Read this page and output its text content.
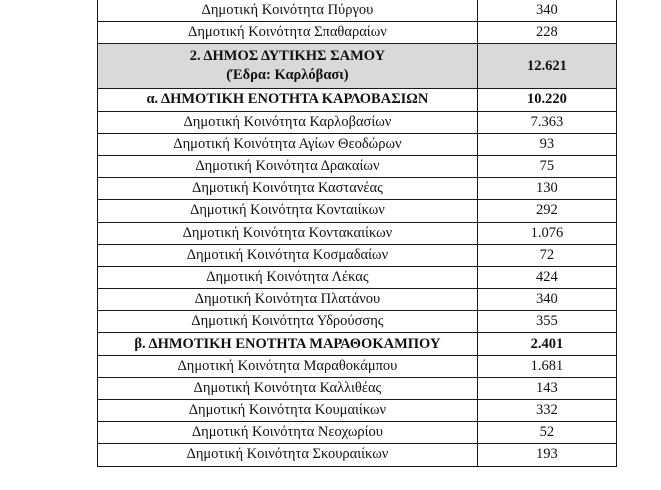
Δημοτική Κοινότητα Πύργου	340
Δημοτική Κοινότητα Σπαθαραίων	228

2. ΔΗΜΟΣ ΔΥΤΙΚΗΣ ΣΑΜΟΥ
(Έδρα: Καρλόβασι)	12.621
α. ΔΗΜΟΤΙΚΗ ΕΝΟΤΗΤΑ ΚΑΡΛΟΒΑΣΙΩΝ	10.220
Δημοτική Κοινότητα Καρλοβασίων	7.363
Δημοτική Κοινότητα Αγίων Θεοδώρων	93
Δημοτική Κοινότητα Δρακαίων	75
Δημοτική Κοινότητα Καστανέας	130
Δημοτική Κοινότητα Κονταιίκων	292
Δημοτική Κοινότητα Κοντακαιίκων	1.076
Δημοτική Κοινότητα Κοσμαδαίων	72
Δημοτική Κοινότητα Λέκας	424
Δημοτική Κοινότητα Πλατάνου	340
Δημοτική Κοινότητα Υδρούσσης	355
β. ΔΗΜΟΤΙΚΗ ΕΝΟΤΗΤΑ ΜΑΡΑΘΟΚΑΜΠΟΥ	2.401
Δημοτική Κοινότητα Μαραθοκάμπου	1.681
Δημοτική Κοινότητα Καλλιθέας	143
Δημοτική Κοινότητα Κουμαιίκων	332
Δημοτική Κοινότητα Νεοχωρίου	52
Δημοτική Κοινότητα Σκουραιίκων	193
